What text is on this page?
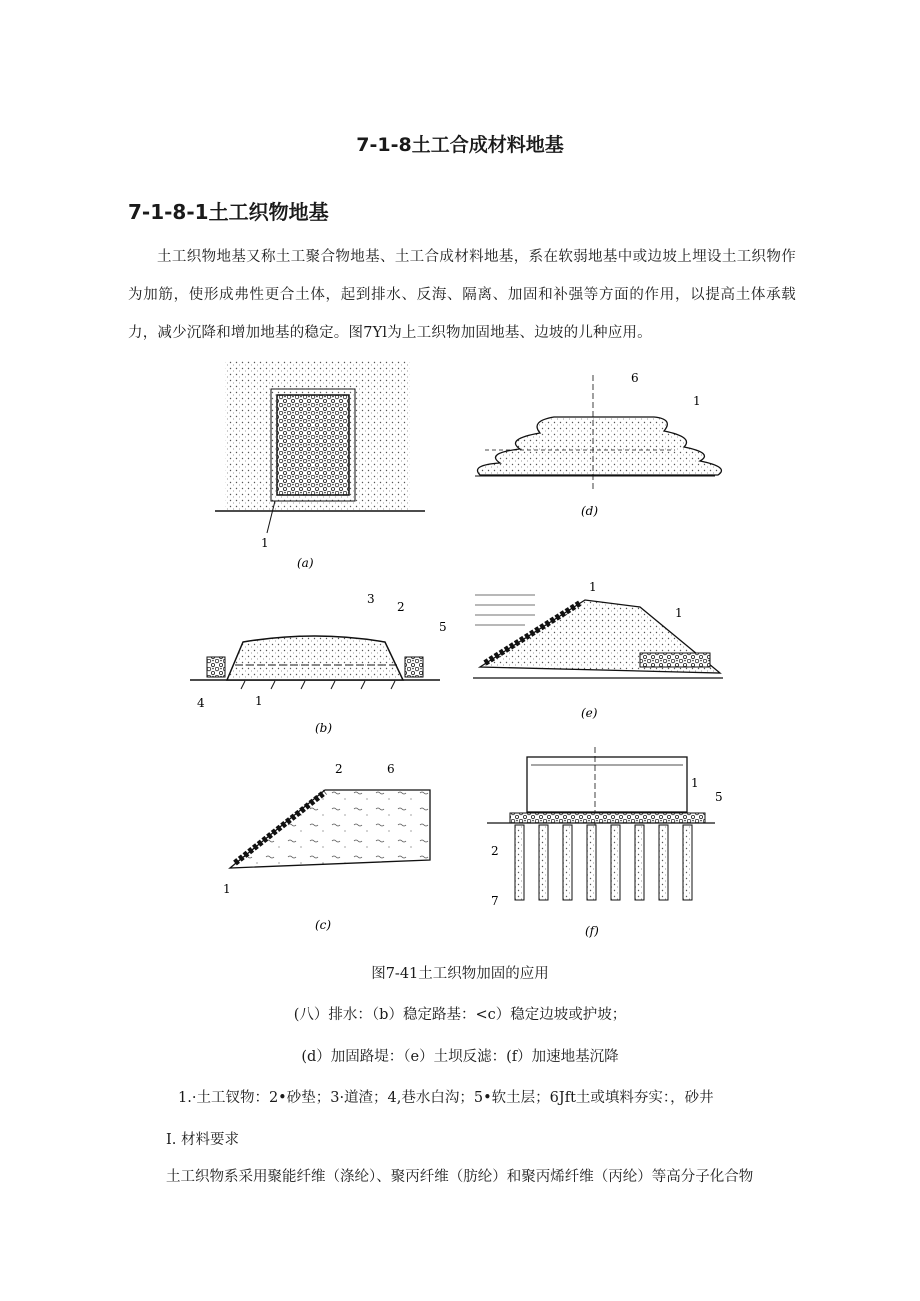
7-1-8土工合成材料地基
7-1-8-1土工织物地基
土工织物地基又称土工聚合物地基、土工合成材料地基，系在软弱地基中或边坡上埋设土工织物作为加筋，使形成弗性更合土体，起到排水、反海、隔离、加固和补强等方面的作用，以提高土体承载力，减少沉降和增加地基的稳定。图7Yl为上工织物加固地基、边坡的儿种应用。
1
(a)
6
1
(d)
3
2
5
4	1
(b)
1
1
(e)
2	6
1
(c)
1
5
2
7
(f)
图7-41土工织物加固的应用
(八）排水：（b）稳定路基：<c）稳定边坡或护坡；
(d）加固路堤：（e）土坝反滤：(f）加速地基沉降
1.·土工钗物：2•砂垫；3·道渣；4,巷水白沟；5•软土层；6Jft土或填料夯实：，砂井
I. 材料要求
土工织物系采用聚能纤维（涤纶）、聚丙纤维（肪纶）和聚丙烯纤维（丙纶）等高分子化合物
